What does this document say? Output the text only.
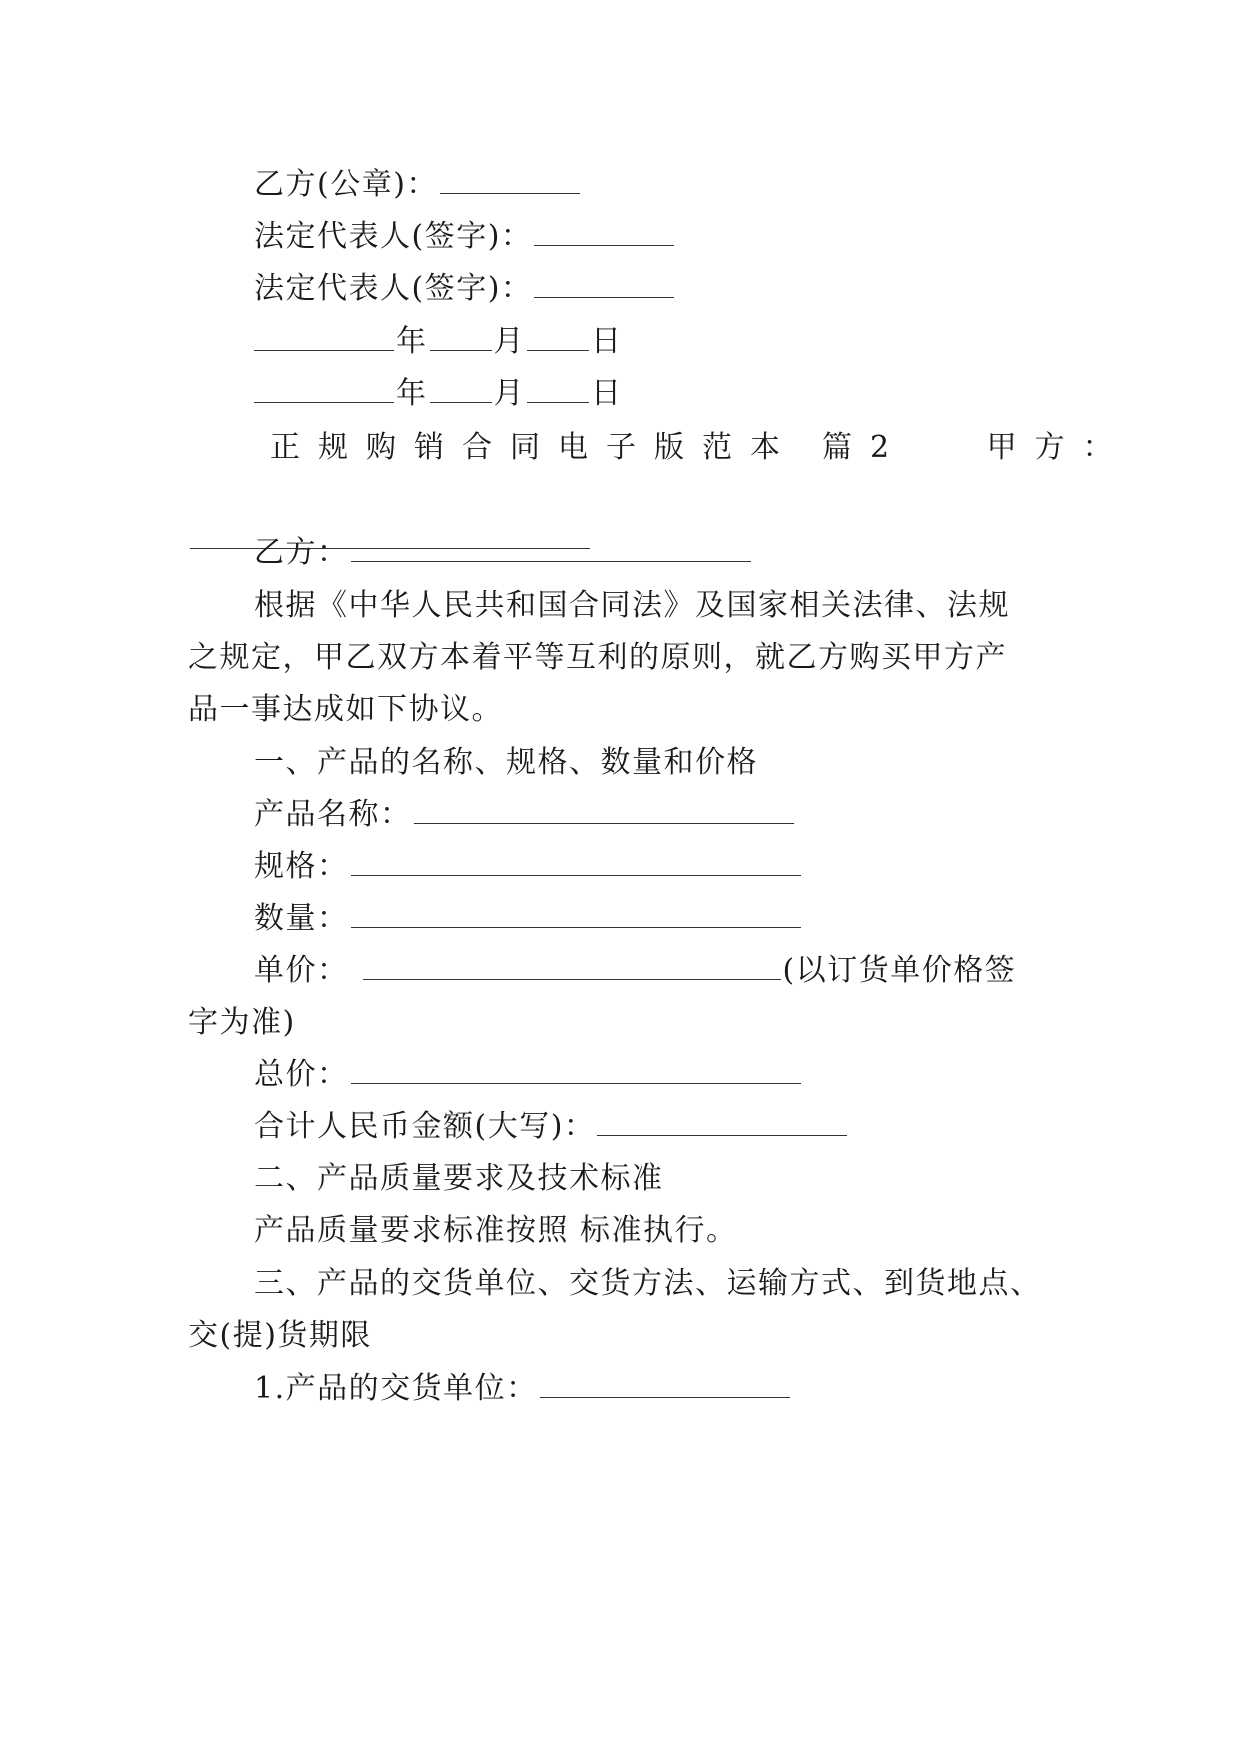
乙方(公章)：
法定代表人(签字)：
法定代表人(签字)：
年 月 日
年 月 日
正规购销合同电子版范本 篇2	甲方：
乙方：
根据《中华人民共和国合同法》及国家相关法律、法规
之规定，甲乙双方本着平等互利的原则，就乙方购买甲方产
品一事达成如下协议。
一、产品的名称、规格、数量和价格
产品名称：
规格：
数量：
单价：	(以订货单价格签
字为准)
总价：
合计人民币金额(大写)：
二、产品质量要求及技术标准
产品质量要求标准按照 标准执行。
三、产品的交货单位、交货方法、运输方式、到货地点、
交(提)货期限
1.产品的交货单位：
